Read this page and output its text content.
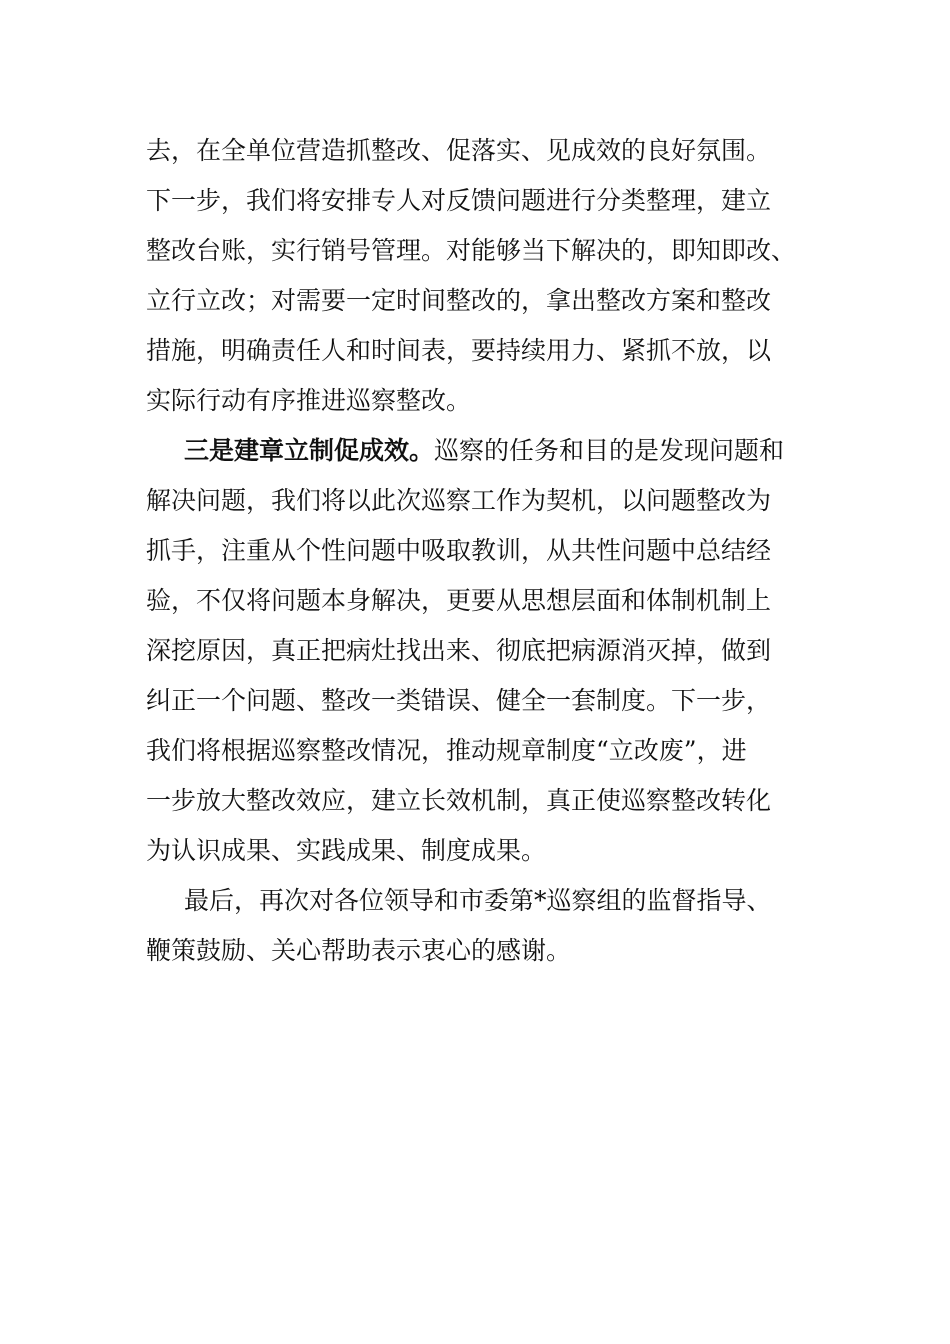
去，在全单位营造抓整改、促落实、见成效的良好氛围。
下一步，我们将安排专人对反馈问题进行分类整理，建立
整改台账，实行销号管理。对能够当下解决的，即知即改、
立行立改；对需要一定时间整改的，拿出整改方案和整改
措施，明确责任人和时间表，要持续用力、紧抓不放，以
实际行动有序推进巡察整改。
三是建章立制促成效。巡察的任务和目的是发现问题和
解决问题，我们将以此次巡察工作为契机，以问题整改为
抓手，注重从个性问题中吸取教训，从共性问题中总结经
验，不仅将问题本身解决，更要从思想层面和体制机制上
深挖原因，真正把病灶找出来、彻底把病源消灭掉，做到
纠正一个问题、整改一类错误、健全一套制度。下一步，
我们将根据巡察整改情况，推动规章制度“立改废”，进
一步放大整改效应，建立长效机制，真正使巡察整改转化
为认识成果、实践成果、制度成果。
最后，再次对各位领导和市委第*巡察组的监督指导、
鞭策鼓励、关心帮助表示衷心的感谢。
